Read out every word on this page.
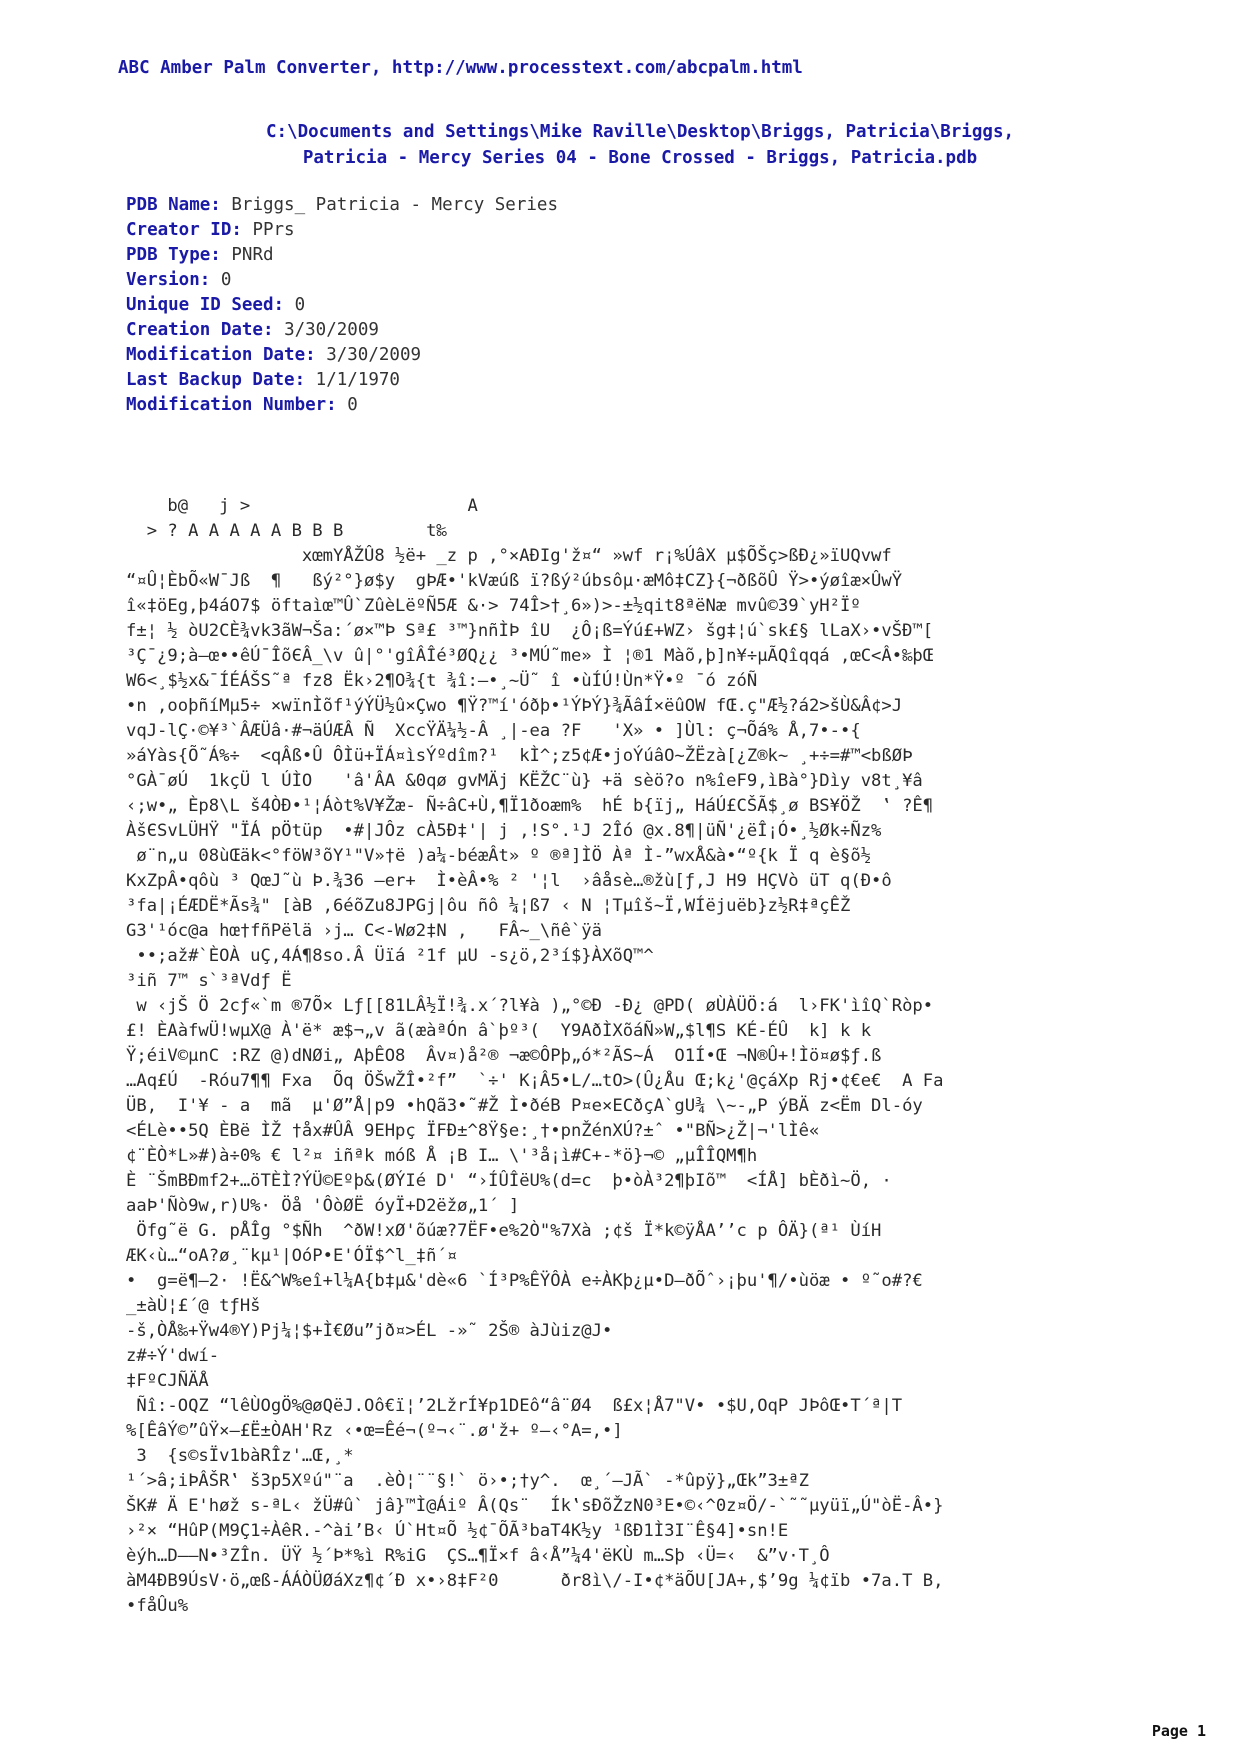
ABC Amber Palm Converter, http://www.processtext.com/abcpalm.html
C:\Documents and Settings\Mike Raville\Desktop\Briggs, Patricia\Briggs,
Patricia - Mercy Series 04 - Bone Crossed - Briggs, Patricia.pdb
PDB Name: Briggs_ Patricia - Mercy Series
Creator ID: PPrs
PDB Type: PNRd
Version: 0
Unique ID Seed: 0
Creation Date: 3/30/2009
Modification Date: 3/30/2009
Last Backup Date: 1/1/1970
Modification Number: 0
b@   j >                     A
> ? A A A A A B B B        t‰
xœmYÅŽÛ8 ½ë+ _z p ,°×AÐIg'ž¤“ »wf r¡%ÚâX µ$ÕŠç>ßÐ¿»ïUQvwf
“¤Û¦ÈbÕ«W¯Jß  ¶   ßý²°}ø$y  gÞÆ•'kVæúß ï?ßý²úbsôµ·æMô‡CZ}{¬ðßõÛ Ÿ>•ýøîæ×ÛwŸ
î«‡öEg,þ4áO7$ öftaìœ™Û`ZûèLëºÑ5Æ &·> 74Î>†¸6»)>-±½qit8ªëNæ mvû©39`yH²Ïº
f±¦ ½ òU2CÈ¾vk3ãW¬Ša:´ø×™Þ Sª£ ³™}nñÌÞ îU  ¿Ô¡ß=Ýú£+WZ› šg‡¦ú`sk£§ lLaX›•vŠÐ™[
³Ç¯¿9;à—œ••êÚ¯ÎõЄÂ_\v û|°'gîÂÎé³ØQ¿¿ ³•MÚ˜me» Ì ¦®1 Màõ,þ]n¥÷µÃQîqqá ,œC<Â•‰þŒ
W6<¸$½x&¯ÍÉÁŠS˜ª fz8 Ëk›2¶O¾{t ¾î:—•¸~Ü˜ î •ùÍÚ!Ùn*Ÿ•º ¯ó zóÑ
•n ,ooþñíMµ5÷ ×wïnÌõf¹ýÝÜ½û×Çwo ¶Ÿ?™í'óðþ•¹ÝÞÝ}¾ÃâÍ×ëûOW fŒ.ç"Æ½?á2>šÙ&Â¢>J
vqJ-lÇ·©¥³`ÂÆÜâ·#¬äÚÆÂ Ñ  XccŸÄ¼½-Â ¸|-ea ?F   'X» • ]Ùl: ç¬Õá% Å,7•-•{
»áYàs{Õ˜Á%÷  <qÂß•Û ÔÌü+ÏÁ¤ìsÝºdîm?¹  kÌ^;z5¢Æ•joÝúâO~ŽËzà[¿Z®k~ ¸+÷=#™<bßØÞ
°GÀ¯øÚ  1kçÜ l ÚÌO   'â'ÂA &0qø gvMÄj KËŽC¨ù} +ä sèö?o n%îeF9,ìBà°}Dìy v8t¸¥â
‹;w•„ Èp8\L š4ÒÐ•¹¦Áòt%V¥Žæ- Ñ÷âC+Ù,¶Ï1ðoæm%  hÉ b{ïj„ HáÚ£CŠÃ$¸ø BS¥ÖŽ  ‛ ?Ê¶
ÀšЄSvLÜHŸ "ÏÁ pÖtüp  •#|JÔz cÀ5Ð‡'| j ,!S°.¹J 2Îó @x.8¶|üÑ'¿ëÎ¡Ó•¸½Øk÷Ñz%
ø¨n„u 08ùŒäk<°föW³õY¹"V»†ë )a¼-béæÂt» º ®ª]ÌÖ Àª Ì-”wxÅ&à•“º{k Ï q è§õ½
KxZpÂ•qôù ³ QœJ˜ù Þ.¾36 —er+  Ì•èÂ•% ² '¦l  ›âåsè…®žù[ƒ,J H9 HÇVò üT q(Ð•ô
³fa|¡ÉÆDË*Ãs¾" [àB ,6éõZu8JPGj|ôu ñô ¼¦ß7 ‹ N ¦Tµîš~Ï,WÍëjuëb}z½R‡ªçÊŽ
G3'¹óc@a hœ†fñPëlä ›j… C<-Wø2‡N ,   FÂ~_\ñê`ÿä
••;až#`ÈOÀ uÇ,4Á¶8so.Â Üïá ²1f µU -s¿ö,2³í$}ÀXõQ™^
³iñ 7™ s`³ªVdƒ Ë
w ‹jŠ Ö 2cƒ«`m ®7Õ× Lƒ[[81LÂ½Ï!¾.x´?l¥à )„°©Ð -Ð¿ @PD( øÙÀÜÖ:á  l›FK'ìîQ`Ròp•
£! ÈAàfwÜ!wµX@ À'ë* æ$¬„v ã(æàªÓn â`þº³(  Y9AðÌXõáÑ»W„$l¶S KÉ-ÉÛ  k] k k
Ÿ;éiV©µnC :RZ @)dNØi„ AþÊO8  Âv¤)å²® ¬æ©ÔPþ„ó*²ÃS~Á  O1Í•Œ ¬N®Û+!Ìö¤ø$ƒ.ß
…Aq£Ú  -Róu7¶¶ Fxa  Õq ÖŠwŽÎ•²f”  `÷' K¡Â5•L/…tO>(Û¿Åu Œ;k¿'@çáXp Rj•¢€e€  A Fa
ÜB,  I'¥ - a  mã  µ'Ø”Å|p9 •hQã3•˜#Ž Ì•ðéB P¤e×ECðçA`gU¾ \~-„P ýBÄ z<Ëm Dl-óy
<ÉLè••5Q ÈBë ÌŽ †åx#ÛÂ 9EHpç ÏFÐ±^8Ÿ§e:¸†•pnŽénXÚ?±ˆ •"BÑ>¿Ž|¬'lÌê«
¢¨ÈÒ*L»#)à÷0% € l²¤ iñªk móß Å ¡B I… \'³å¡ì#C+-*ö}¬© „µÎÎQM¶h
È ¨ŠmBÐmf2+…öTÈÌ?ÝÜ©Eºþ&(ØÝIé D' “›ÍÛÎëU%(d=c  þ•òÀ³2¶þIõ™  <ÍÅ] bÈðì~Ö, ·
aaÞ'Ñò9w,r)U%· Öå 'ÔòØË óyÏ+D2ëžø„1´ ]
Öfg˜ë G. pÅÎg °$Ñh  ^ðW!xØ'õúæ?7ËF•e%2Ò"%7Xà ;¢š Ï*k©ÿÅA’’c p ÔÄ}(ª¹ ÙíH
ÆK‹ù…“oA?ø¸¨kµ¹|OóP•E'ÓÏ$^l_‡ñ´¤
•  g=ë¶—2· !Ë&^W%eî+l¼A{b‡µ&'dè«6 `Í³P%ÊŸÔÀ e÷ÀKþ¿µ•D—ðÕˆ›¡þu'¶/•ùöæ • º˜o#?€
_±àÙ¦£´@ tƒHš
-š,ÒÅ‰+Ÿw4®Y)Pj¼¦$+Ì€Øu”jð¤>ÉL -»˜ 2Š® àJùiz@J•
z#÷Ý'dwí-
‡FºCJÑÄÅ
Ñî:-OQZ “lêÙOgÖ%@øQëJ.Oô€ï¦’2LžrÍ¥p1DEô“â¨Ø4  ß£x¦Å7"V• •$U,OqP JÞôŒ•T´ª|T
%[ÊâÝ©”ûŸ×—£Ë±ÒAH'Rz ‹•œ=Êé¬(º¬‹¨.ø'ž+ º—‹°A=,•]
3  {s©sÏv1bàRÎz'…Œ,¸*
¹´>â;iÞÂŠR‛ š3p5Xºú"¨a  .èÒ¦¨¨§!` ö›•;†y^.  œ¸´—JÃ` -*ûpÿ}„Œk”3±ªZ
ŠK# Ä E'høž s-ªL‹ žÜ#û` jâ}™Ì@Áiº Â(Qs¨  Ík‛sÐõŽzN0³E•©‹^0z¤Ö/-`˜˜µyüï„Ú"òË-Â•}
›²× “HûP(M9Ç1÷ÀêR.-^ài’B‹ Ú`Ht¤Õ ½¢¯ÕÃ³baT4K½y ¹ßÐ1Ì3I¨Ê§4]•sn!E
èýh…D——N•³ZÎn. ÜŸ ½´Þ*%ì R%iG  ÇS…¶Ï×f â‹Å”¼4'ëKÙ m…Sþ ‹Ü=‹  &”v·T¸Ô
àM4ÐB9ÚsV·ö„œß-ÁÁÒÜØáXz¶¢´Ð x•›8‡F²0      ðr8ì\/-I•¢*äÕU[JA+,$’9g ¼¢ïb •7a.T B,
•fåÛu%
Page 1
